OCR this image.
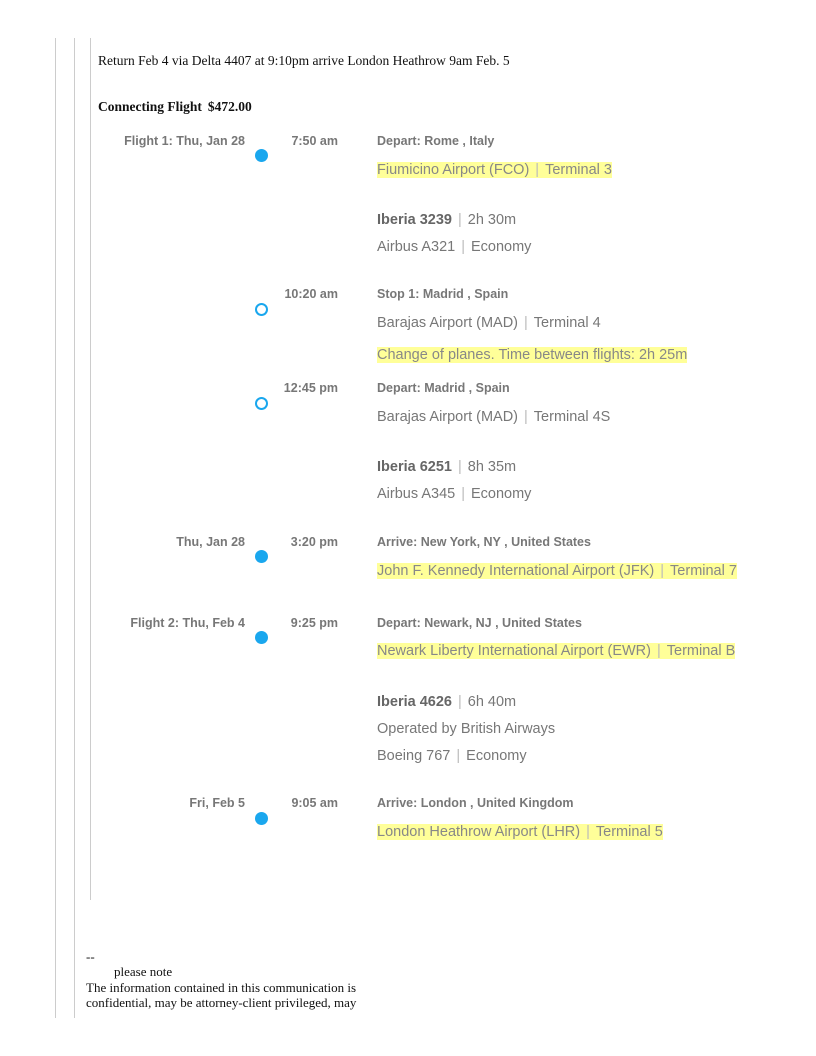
Return Feb 4 via Delta 4407 at 9:10pm arrive London Heathrow 9am Feb. 5
Connecting Flight $472.00
Flight 1: Thu, Jan 28	7:50 am	Depart: Rome , Italy
Fiumicino Airport (FCO) | Terminal 3
Iberia 3239 | 2h 30m
Airbus A321 | Economy
10:20 am	Stop 1: Madrid , Spain
Barajas Airport (MAD) | Terminal 4
Change of planes. Time between flights: 2h 25m
12:45 pm	Depart: Madrid , Spain
Barajas Airport (MAD) | Terminal 4S
Iberia 6251 | 8h 35m
Airbus A345 | Economy
Thu, Jan 28	3:20 pm	Arrive: New York, NY , United States
John F. Kennedy International Airport (JFK) | Terminal 7
Flight 2: Thu, Feb 4	9:25 pm	Depart: Newark, NJ , United States
Newark Liberty International Airport (EWR) | Terminal B
Iberia 4626 | 6h 40m
Operated by British Airways
Boeing 767 | Economy
Fri, Feb 5	9:05 am	Arrive: London , United Kingdom
London Heathrow Airport (LHR) | Terminal 5
--
please note
The information contained in this communication is
confidential, may be attorney-client privileged, may
